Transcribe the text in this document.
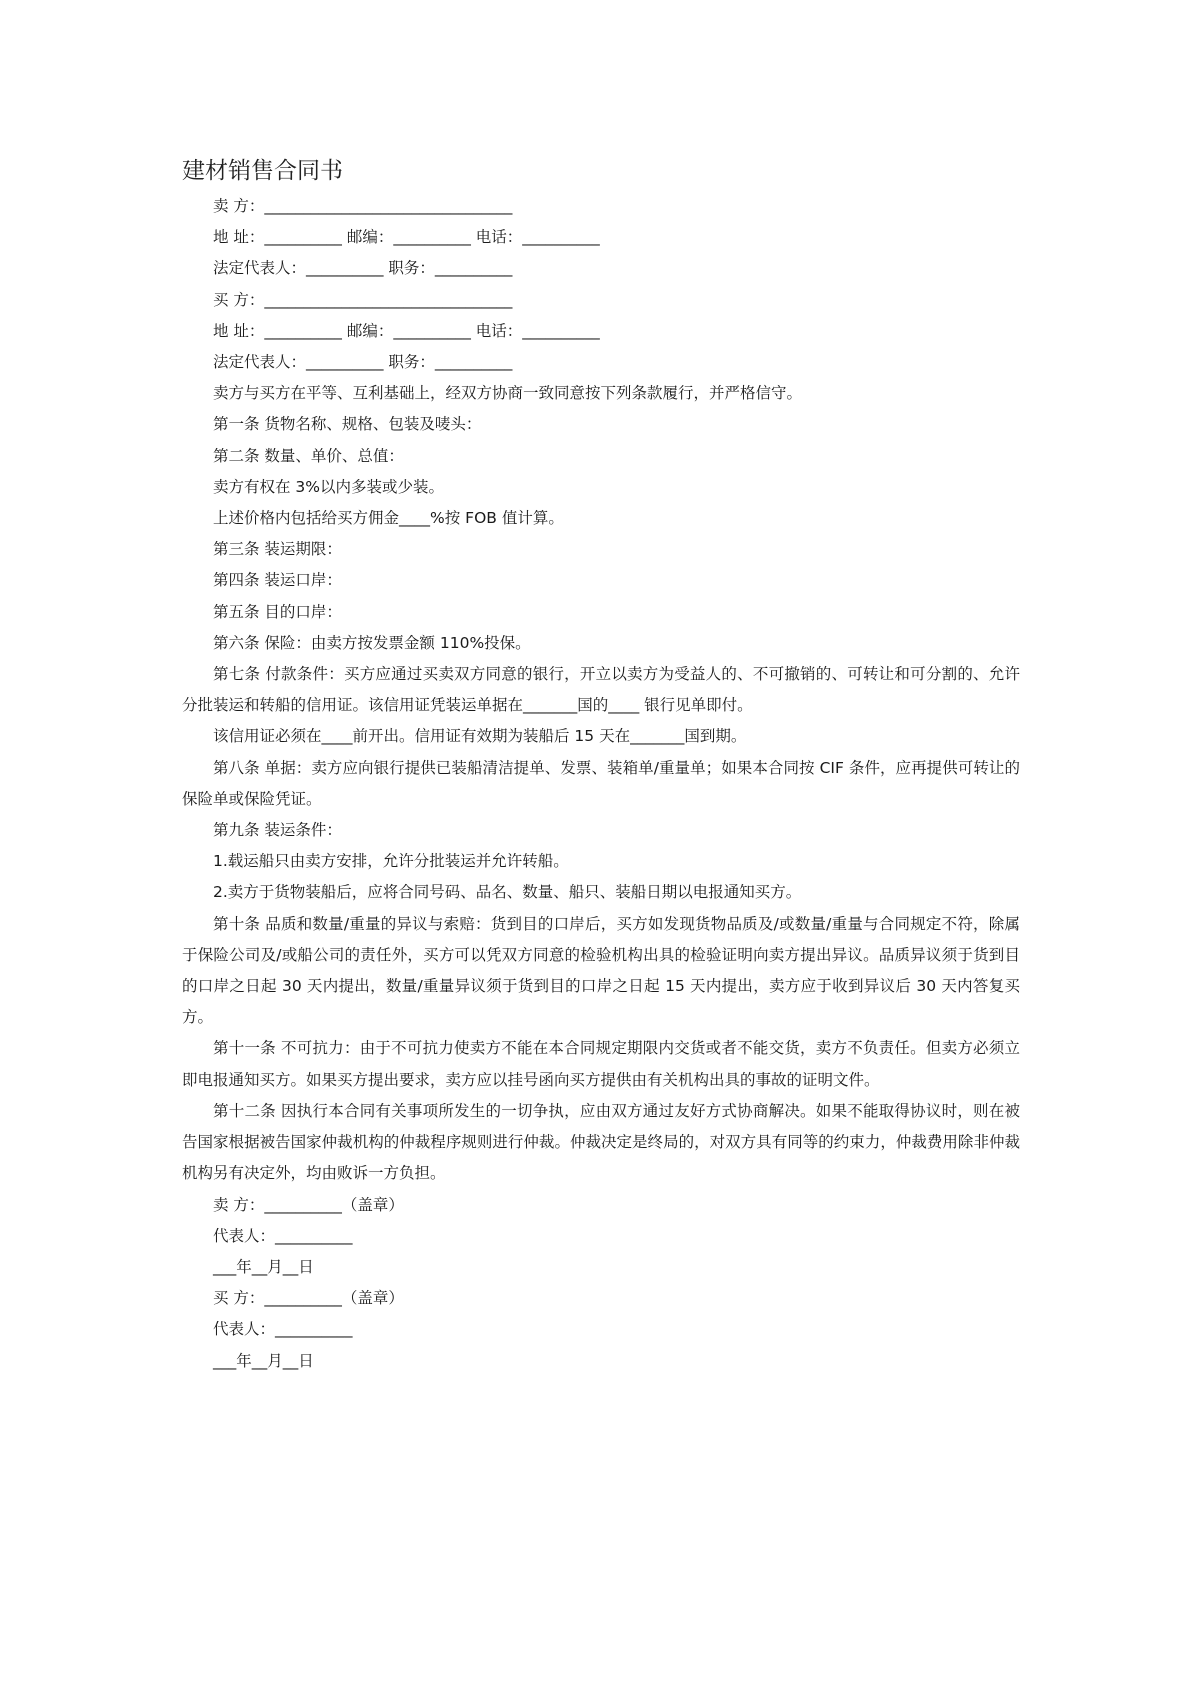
建材销售合同书

卖 方：________________________________

地 址：__________ 邮编：__________ 电话：__________

法定代表人：__________ 职务：__________

买 方：________________________________

地 址：__________ 邮编：__________ 电话：__________

法定代表人：__________ 职务：__________

卖方与买方在平等、互利基础上，经双方协商一致同意按下列条款履行，并严格信守。

第一条 货物名称、规格、包装及唛头：

第二条 数量、单价、总值：

卖方有权在 3%以内多装或少装。

上述价格内包括给买方佣金____%按 FOB 值计算。

第三条 装运期限：

第四条 装运口岸：

第五条 目的口岸：

第六条 保险：由卖方按发票金额 110%投保。

第七条 付款条件：买方应通过买卖双方同意的银行，开立以卖方为受益人的、不可撤销的、可转让和可分割的、允许分批装运和转船的信用证。该信用证凭装运单据在_______国的____ 银行见单即付。

该信用证必须在____前开出。信用证有效期为装船后 15 天在_______国到期。

第八条 单据：卖方应向银行提供已装船清洁提单、发票、装箱单/重量单；如果本合同按 CIF 条件，应再提供可转让的保险单或保险凭证。

第九条 装运条件：

1.载运船只由卖方安排，允许分批装运并允许转船。

2.卖方于货物装船后，应将合同号码、品名、数量、船只、装船日期以电报通知买方。

第十条 品质和数量/重量的异议与索赔：货到目的口岸后，买方如发现货物品质及/或数量/重量与合同规定不符，除属于保险公司及/或船公司的责任外，买方可以凭双方同意的检验机构出具的检验证明向卖方提出异议。品质异议须于货到目的口岸之日起 30 天内提出，数量/重量异议须于货到目的口岸之日起 15 天内提出，卖方应于收到异议后 30 天内答复买方。

第十一条 不可抗力：由于不可抗力使卖方不能在本合同规定期限内交货或者不能交货，卖方不负责任。但卖方必须立即电报通知买方。如果买方提出要求，卖方应以挂号函向买方提供由有关机构出具的事故的证明文件。

第十二条 因执行本合同有关事项所发生的一切争执，应由双方通过友好方式协商解决。如果不能取得协议时，则在被告国家根据被告国家仲裁机构的仲裁程序规则进行仲裁。仲裁决定是终局的，对双方具有同等的约束力，仲裁费用除非仲裁机构另有决定外，均由败诉一方负担。

卖 方：__________（盖章）

代表人：__________

___年__月__日

买 方：__________（盖章）

代表人：__________

___年__月__日
